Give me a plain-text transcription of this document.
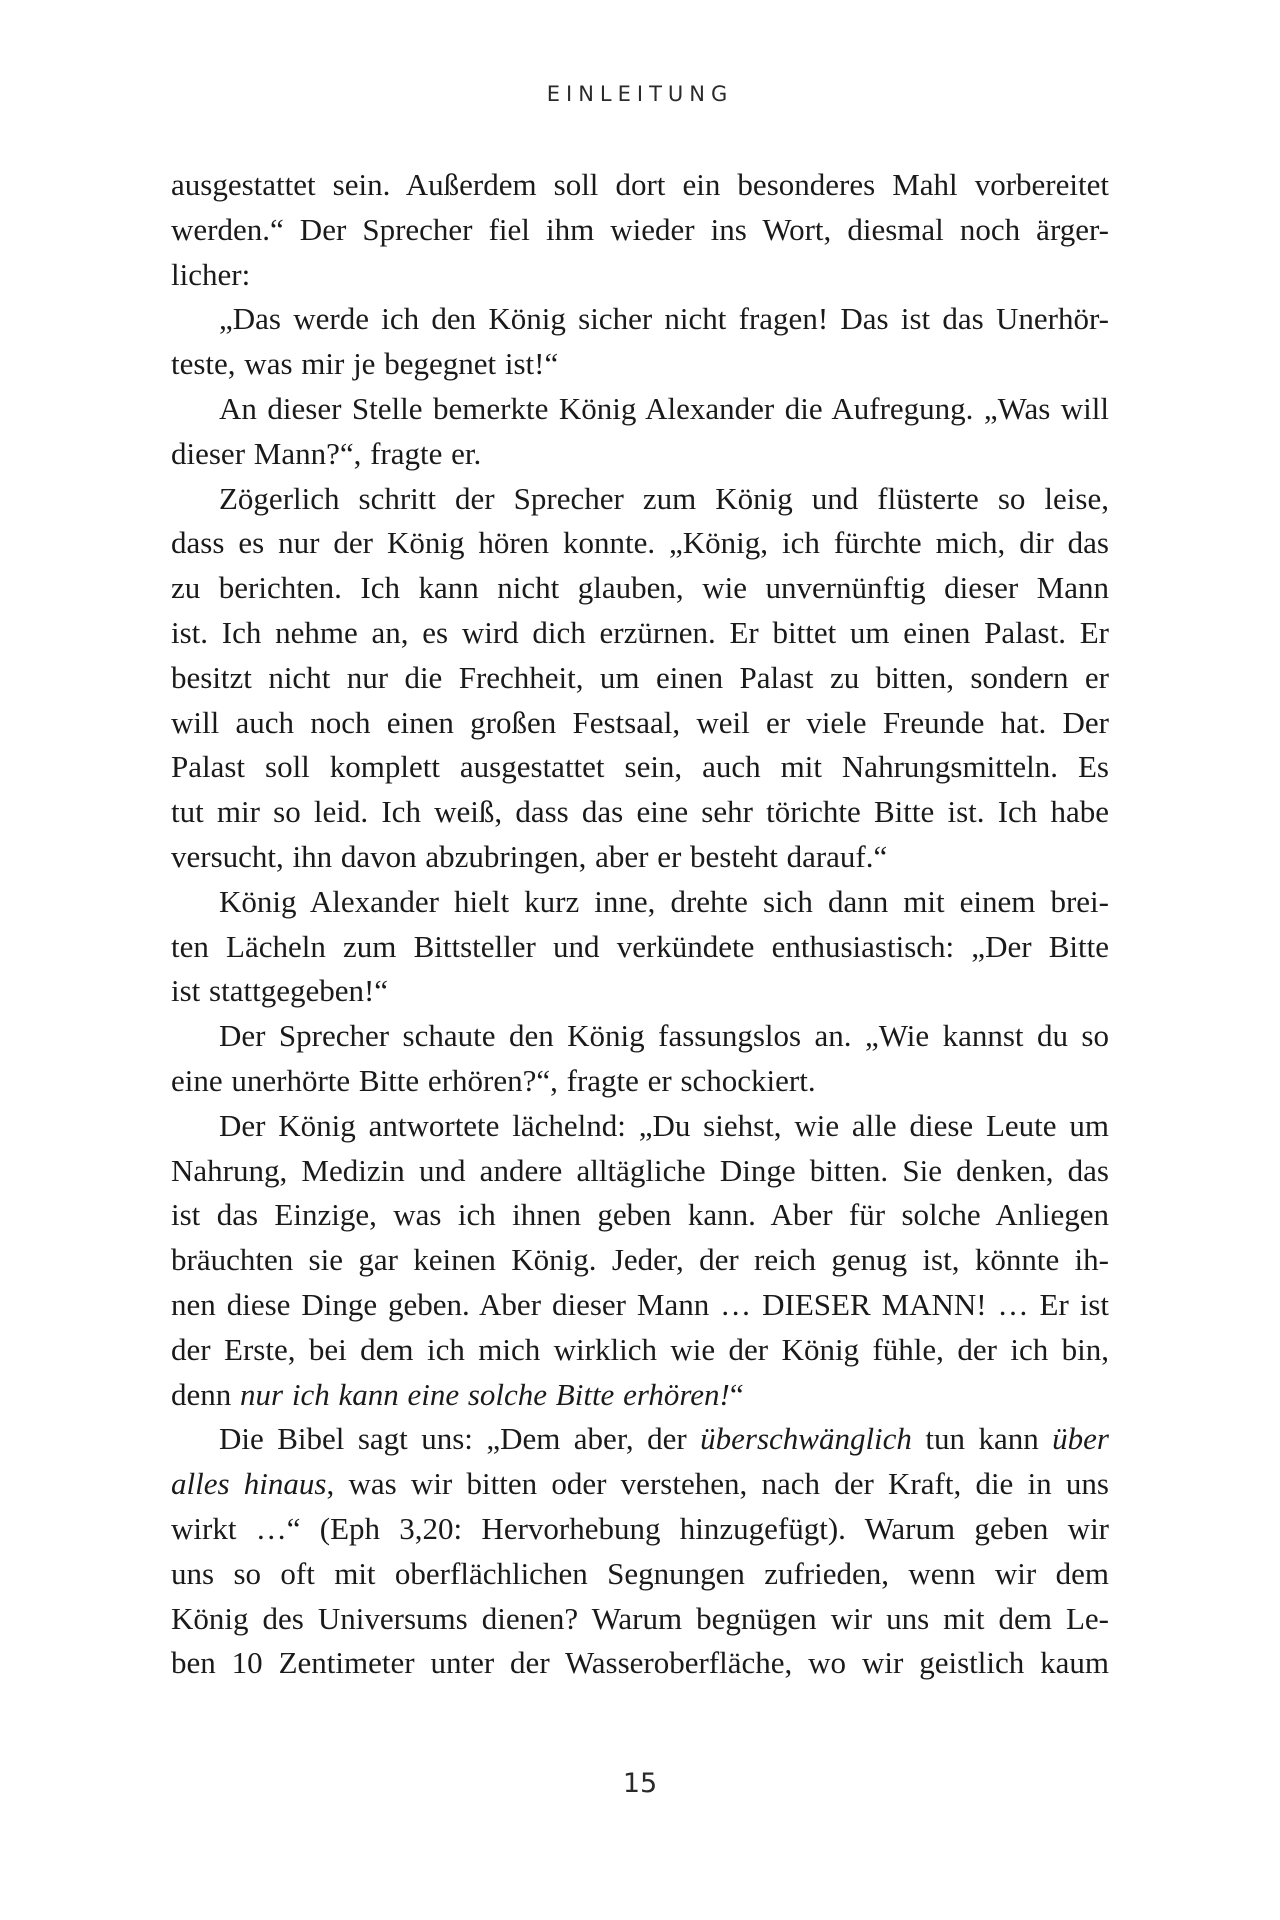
EINLEITUNG
ausgestattet sein. Außerdem soll dort ein besonderes Mahl vorbereitet
werden.“ Der Sprecher fiel ihm wieder ins Wort, diesmal noch ärger-
licher:
„Das werde ich den König sicher nicht fragen! Das ist das Unerhör-
teste, was mir je begegnet ist!“
An dieser Stelle bemerkte König Alexander die Aufregung. „Was will
dieser Mann?“, fragte er.
Zögerlich schritt der Sprecher zum König und flüsterte so leise,
dass es nur der König hören konnte. „König, ich fürchte mich, dir das
zu berichten. Ich kann nicht glauben, wie unvernünftig dieser Mann
ist. Ich nehme an, es wird dich erzürnen. Er bittet um einen Palast. Er
besitzt nicht nur die Frechheit, um einen Palast zu bitten, sondern er
will auch noch einen großen Festsaal, weil er viele Freunde hat. Der
Palast soll komplett ausgestattet sein, auch mit Nahrungsmitteln. Es
tut mir so leid. Ich weiß, dass das eine sehr törichte Bitte ist. Ich habe
versucht, ihn davon abzubringen, aber er besteht darauf.“
König Alexander hielt kurz inne, drehte sich dann mit einem brei-
ten Lächeln zum Bittsteller und verkündete enthusiastisch: „Der Bitte
ist stattgegeben!“
Der Sprecher schaute den König fassungslos an. „Wie kannst du so
eine unerhörte Bitte erhören?“, fragte er schockiert.
Der König antwortete lächelnd: „Du siehst, wie alle diese Leute um
Nahrung, Medizin und andere alltägliche Dinge bitten. Sie denken, das
ist das Einzige, was ich ihnen geben kann. Aber für solche Anliegen
bräuchten sie gar keinen König. Jeder, der reich genug ist, könnte ih-
nen diese Dinge geben. Aber dieser Mann … DIESER MANN! … Er ist
der Erste, bei dem ich mich wirklich wie der König fühle, der ich bin,
denn nur ich kann eine solche Bitte erhören!“
Die Bibel sagt uns: „Dem aber, der überschwänglich tun kann über
alles hinaus, was wir bitten oder verstehen, nach der Kraft, die in uns
wirkt …“ (Eph 3,20: Hervorhebung hinzugefügt). Warum geben wir
uns so oft mit oberflächlichen Segnungen zufrieden, wenn wir dem
König des Universums dienen? Warum begnügen wir uns mit dem Le-
ben 10 Zentimeter unter der Wasseroberfläche, wo wir geistlich kaum
15
